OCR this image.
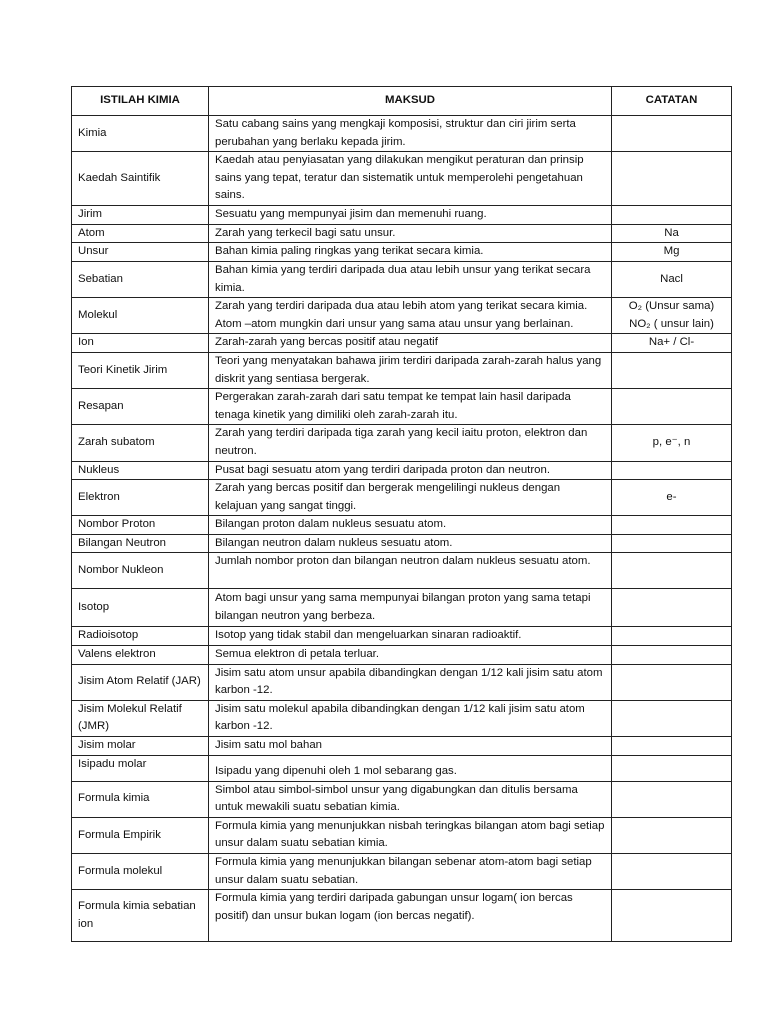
ISTILAH KIMIA	MAKSUD	CATATAN
Kimia	Satu cabang sains yang mengkaji komposisi, struktur dan ciri jirim serta perubahan yang berlaku kepada jirim.	
Kaedah Saintifik	Kaedah atau penyiasatan yang dilakukan mengikut peraturan dan prinsip sains yang tepat, teratur dan sistematik untuk memperolehi pengetahuan sains.	
Jirim	Sesuatu yang mempunyai jisim dan memenuhi ruang.	
Atom	Zarah yang terkecil bagi satu unsur.	Na
Unsur	Bahan kimia paling ringkas yang terikat secara kimia.	Mg
Sebatian	Bahan kimia yang terdiri daripada dua atau lebih unsur yang terikat secara kimia.	Nacl
Molekul	Zarah yang terdiri daripada dua atau lebih atom yang terikat secara kimia. Atom –atom mungkin dari unsur yang sama atau unsur yang berlainan.	O₂ (Unsur sama)
NO₂ ( unsur lain)

Ion	Zarah-zarah yang bercas positif atau negatif	Na+ / Cl-
Teori Kinetik Jirim	Teori yang menyatakan bahawa jirim terdiri daripada zarah-zarah halus yang diskrit yang sentiasa bergerak.	
Resapan	Pergerakan zarah-zarah dari satu tempat ke tempat lain hasil daripada tenaga kinetik yang dimiliki oleh zarah-zarah itu.	
Zarah subatom	Zarah yang terdiri daripada tiga zarah yang kecil iaitu proton, elektron dan neutron.	p, e⁻, n
Nukleus	Pusat bagi sesuatu atom yang terdiri daripada proton dan neutron.	
Elektron	Zarah yang bercas positif dan bergerak mengelilingi nukleus dengan kelajuan yang sangat tinggi.	e-
Nombor Proton	Bilangan proton dalam nukleus sesuatu atom.	
Bilangan Neutron	Bilangan neutron dalam nukleus sesuatu atom.	
Nombor Nukleon	Jumlah nombor proton dan bilangan neutron dalam nukleus sesuatu atom.	
Isotop	Atom bagi unsur yang sama mempunyai bilangan proton yang sama tetapi bilangan neutron yang berbeza.	
Radioisotop	Isotop yang tidak stabil dan mengeluarkan sinaran radioaktif.	
Valens elektron	Semua elektron di petala terluar.	
Jisim Atom Relatif (JAR)	Jisim satu atom unsur apabila dibandingkan dengan 1/12 kali jisim satu atom karbon -12.	
Jisim Molekul Relatif (JMR)	Jisim satu molekul apabila dibandingkan dengan 1/12 kali jisim satu atom karbon -12.	
Jisim molar	Jisim satu mol bahan	
Isipadu molar	Isipadu yang dipenuhi oleh 1 mol sebarang gas.	
Formula kimia	Simbol atau simbol-simbol unsur yang digabungkan dan ditulis bersama untuk mewakili suatu sebatian kimia.	
Formula Empirik	Formula kimia yang menunjukkan nisbah teringkas bilangan atom bagi setiap unsur dalam suatu sebatian kimia.	
Formula molekul	Formula kimia yang menunjukkan bilangan sebenar atom-atom bagi setiap unsur dalam suatu sebatian.	
Formula kimia sebatian ion	Formula kimia yang terdiri daripada gabungan unsur logam( ion bercas positif) dan unsur bukan logam (ion bercas negatif).	
